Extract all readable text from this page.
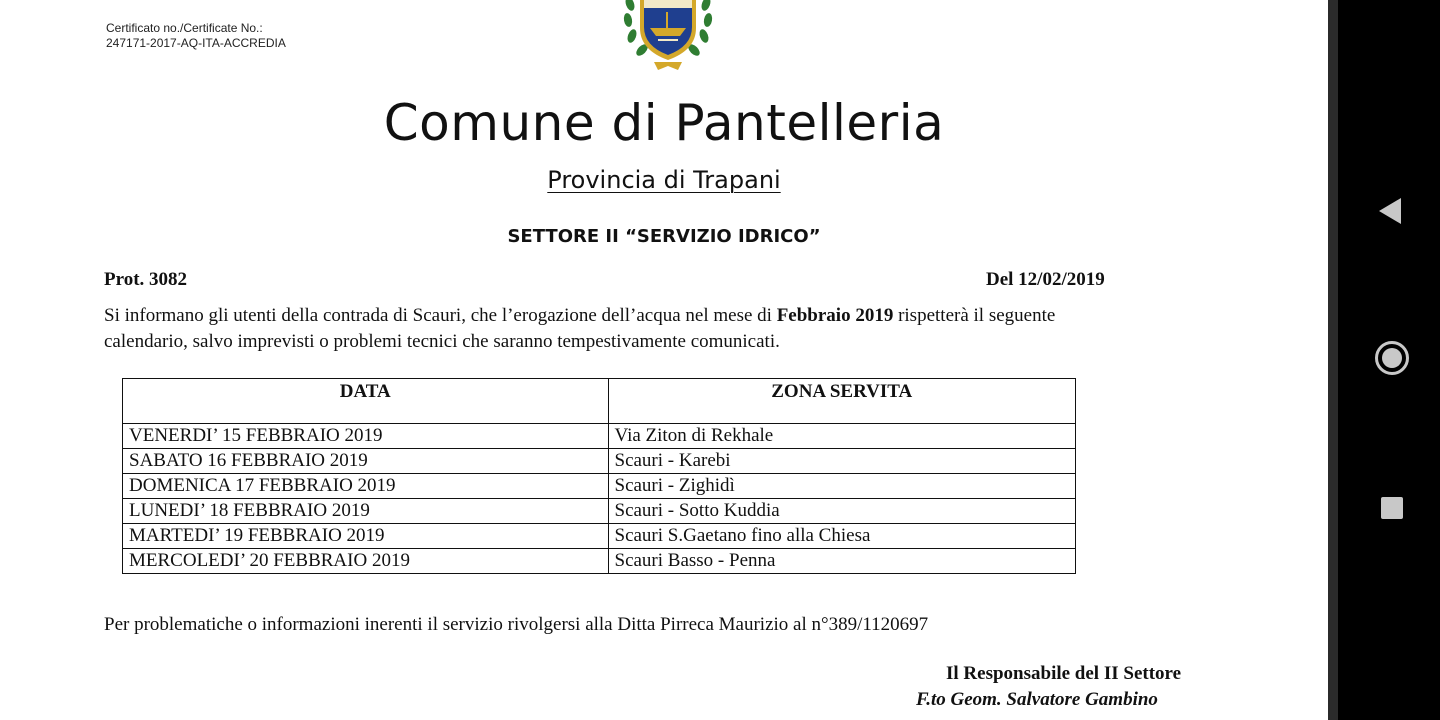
Certificato no./Certificate No.:
247171-2017-AQ-ITA-ACCREDIA
Comune di Pantelleria
Provincia di Trapani
SETTORE II “SERVIZIO IDRICO”
Prot. 3082	Del 12/02/2019
Si informano gli utenti della contrada di Scauri, che l’erogazione dell’acqua nel mese di Febbraio 2019 rispetterà il seguente
calendario, salvo imprevisti o problemi tecnici che saranno tempestivamente comunicati.
DATA	ZONA SERVITA
VENERDI’ 15 FEBBRAIO 2019	Via Ziton di Rekhale
SABATO 16 FEBBRAIO 2019	Scauri - Karebi
DOMENICA 17 FEBBRAIO 2019	Scauri - Zighidì
LUNEDI’ 18 FEBBRAIO 2019	Scauri - Sotto Kuddia
MARTEDI’ 19 FEBBRAIO 2019	Scauri S.Gaetano fino alla Chiesa
MERCOLEDI’ 20 FEBBRAIO 2019	Scauri Basso - Penna
Per problematiche o informazioni inerenti il servizio rivolgersi alla Ditta Pirreca Maurizio al n°389/1120697
Il Responsabile del II Settore
F.to Geom. Salvatore Gambino
